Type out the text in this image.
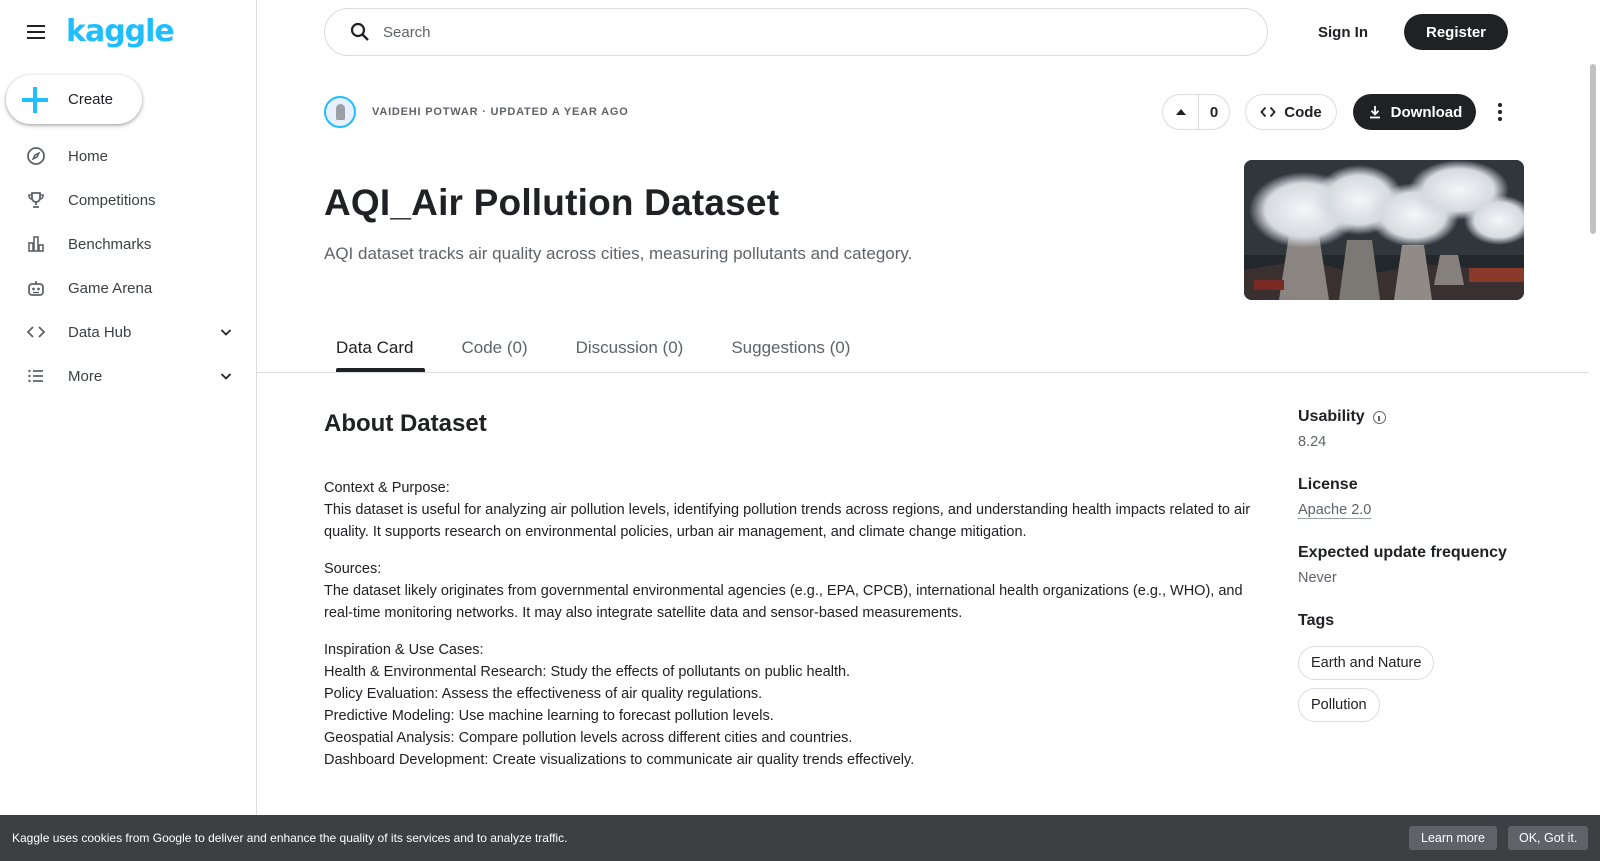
kaggle
Create
Home
Competitions
Benchmarks
Game Arena
Data Hub
More
Search
Sign In	Register
VAIDEHI POTWAR · UPDATED A YEAR AGO	0	Code	Download
AQI_Air Pollution Dataset
AQI dataset tracks air quality across cities, measuring pollutants and category.
Data Card	Code (0)	Discussion (0)	Suggestions (0)
About Dataset

Context & Purpose:
This dataset is useful for analyzing air pollution levels, identifying pollution trends across regions, and understanding health impacts related to air quality. It supports research on environmental policies, urban air management, and climate change mitigation.

Sources:
The dataset likely originates from governmental environmental agencies (e.g., EPA, CPCB), international health organizations (e.g., WHO), and real-time monitoring networks. It may also integrate satellite data and sensor-based measurements.

Inspiration & Use Cases:
Health & Environmental Research: Study the effects of pollutants on public health.
Policy Evaluation: Assess the effectiveness of air quality regulations.
Predictive Modeling: Use machine learning to forecast pollution levels.
Geospatial Analysis: Compare pollution levels across different cities and countries.
Dashboard Development: Create visualizations to communicate air quality trends effectively.

Usability
8.24
License
Apache 2.0
Expected update frequency
Never
Tags
Earth and Nature
Pollution
Kaggle uses cookies from Google to deliver and enhance the quality of its services and to analyze traffic.	Learn more	OK, Got it.
